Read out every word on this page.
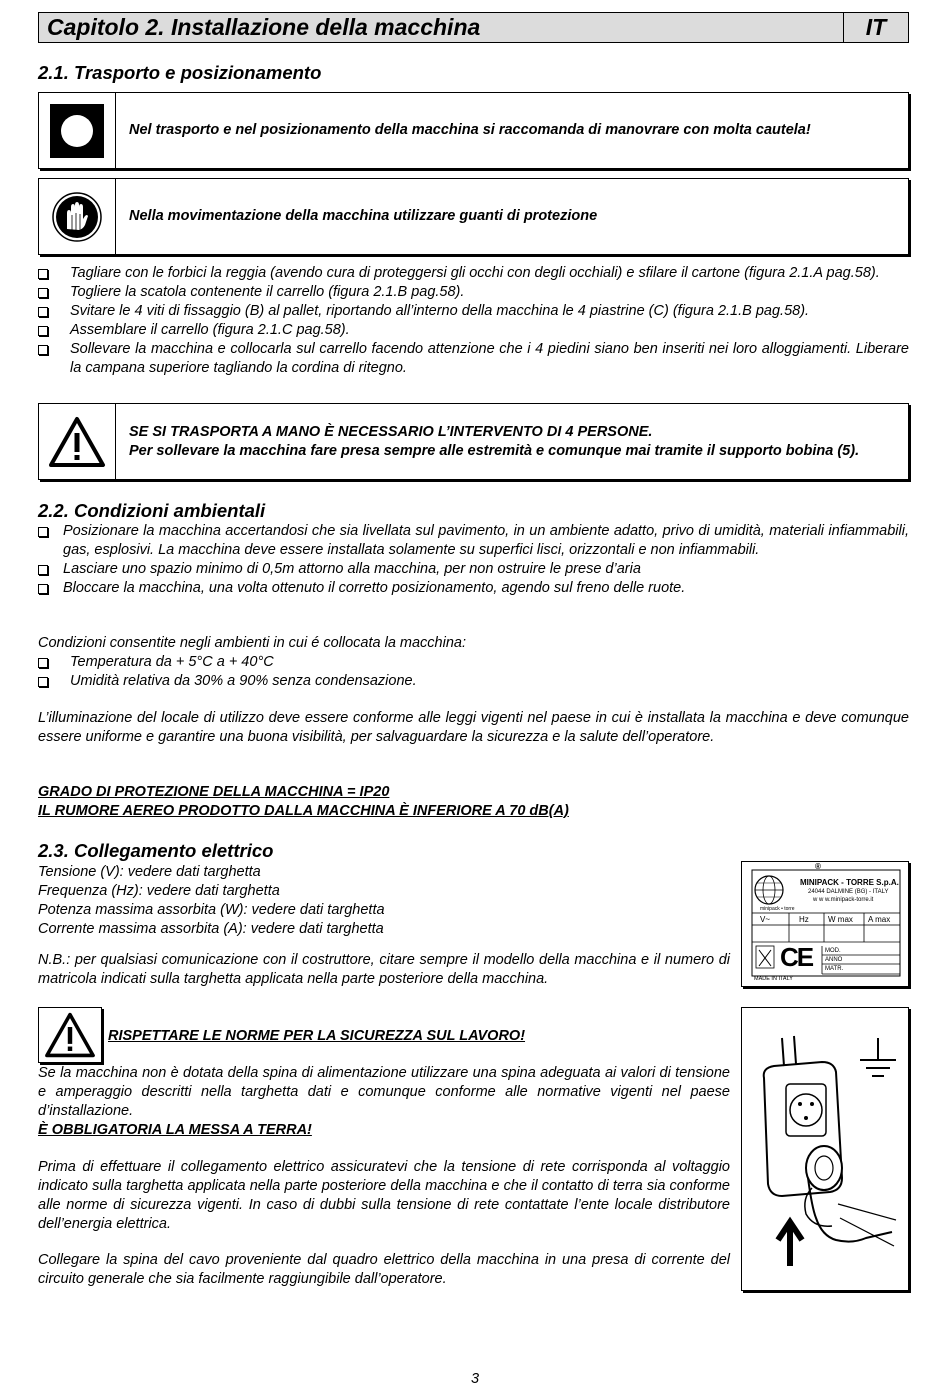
Capitolo 2. Installazione della macchina	IT
2.1. Trasporto e posizionamento
Nel trasporto e nel posizionamento della macchina si raccomanda di manovrare con molta cautela!
Nella movimentazione della macchina utilizzare guanti di protezione
Tagliare con le forbici la reggia (avendo cura di proteggersi gli occhi con degli occhiali) e sfilare il cartone (figura 2.1.A pag.58).
Togliere la scatola contenente il carrello (figura 2.1.B pag.58).
Svitare le 4 viti di fissaggio (B) al pallet, riportando all’interno della macchina le 4 piastrine (C) (figura 2.1.B pag.58).
Assemblare il carrello (figura 2.1.C pag.58).
Sollevare la macchina e collocarla sul carrello facendo attenzione che i 4 piedini siano ben inseriti nei loro alloggiamenti. Liberare la campana superiore tagliando la cordina di ritegno.
SE SI TRASPORTA A MANO È NECESSARIO L’INTERVENTO DI 4 PERSONE.
Per sollevare la macchina fare presa sempre alle estremità e comunque mai tramite il supporto bobina (5).
2.2. Condizioni ambientali
Posizionare la macchina accertandosi che sia livellata sul pavimento, in un ambiente adatto, privo di umidità, materiali infiammabili, gas, esplosivi. La macchina deve essere installata solamente su superfici lisci, orizzontali e non infiammabili.
Lasciare uno spazio minimo di 0,5m attorno alla macchina, per non ostruire le prese d’aria
Bloccare la macchina, una volta ottenuto il corretto posizionamento, agendo sul freno delle ruote.
Condizioni consentite negli ambienti in cui é collocata la macchina:
Temperatura da + 5°C a + 40°C
Umidità relativa da 30% a 90% senza condensazione.
L’illuminazione del locale di utilizzo deve essere conforme alle leggi vigenti nel paese in cui è installata la macchina e deve comunque essere uniforme e garantire una buona visibilità, per salvaguardare la sicurezza e la salute dell’operatore.
GRADO DI PROTEZIONE DELLA MACCHINA = IP20
IL RUMORE AEREO PRODOTTO DALLA MACCHINA È INFERIORE A 70 dB(A)
2.3. Collegamento elettrico
Tensione (V): vedere dati targhetta
Frequenza (Hz): vedere dati targhetta
Potenza massima assorbita (W): vedere dati targhetta
Corrente massima assorbita (A): vedere dati targhetta
N.B.: per qualsiasi comunicazione con il costruttore, citare sempre il modello della macchina e il numero di matricola indicati sulla targhetta applicata nella parte posteriore della macchina.
®
minipack • torre
MINIPACK - TORRE S.p.A.
24044 DALMINE (BG) - ITALY
w w w.minipack-torre.it
V~	Hz W max A max
CE MOD.
ANNO
MATR.
MADE IN ITALY
RISPETTARE LE NORME PER LA SICUREZZA SUL LAVORO!
Se la macchina non è dotata della spina di alimentazione utilizzare una spina adeguata ai valori di tensione e amperaggio descritti nella targhetta dati e comunque conforme alle normative vigenti nel paese d’installazione.
È OBBLIGATORIA LA MESSA A TERRA!
Prima di effettuare il collegamento elettrico assicuratevi che la tensione di rete corrisponda al voltaggio indicato sulla targhetta applicata nella parte posteriore della macchina e che il contatto di terra sia conforme alle norme di sicurezza vigenti. In caso di dubbi sulla tensione di rete contattate l’ente locale distributore dell’energia elettrica.
Collegare la spina del cavo proveniente dal quadro elettrico della macchina in una presa di corrente del circuito generale che sia facilmente raggiungibile dall’operatore.
3
